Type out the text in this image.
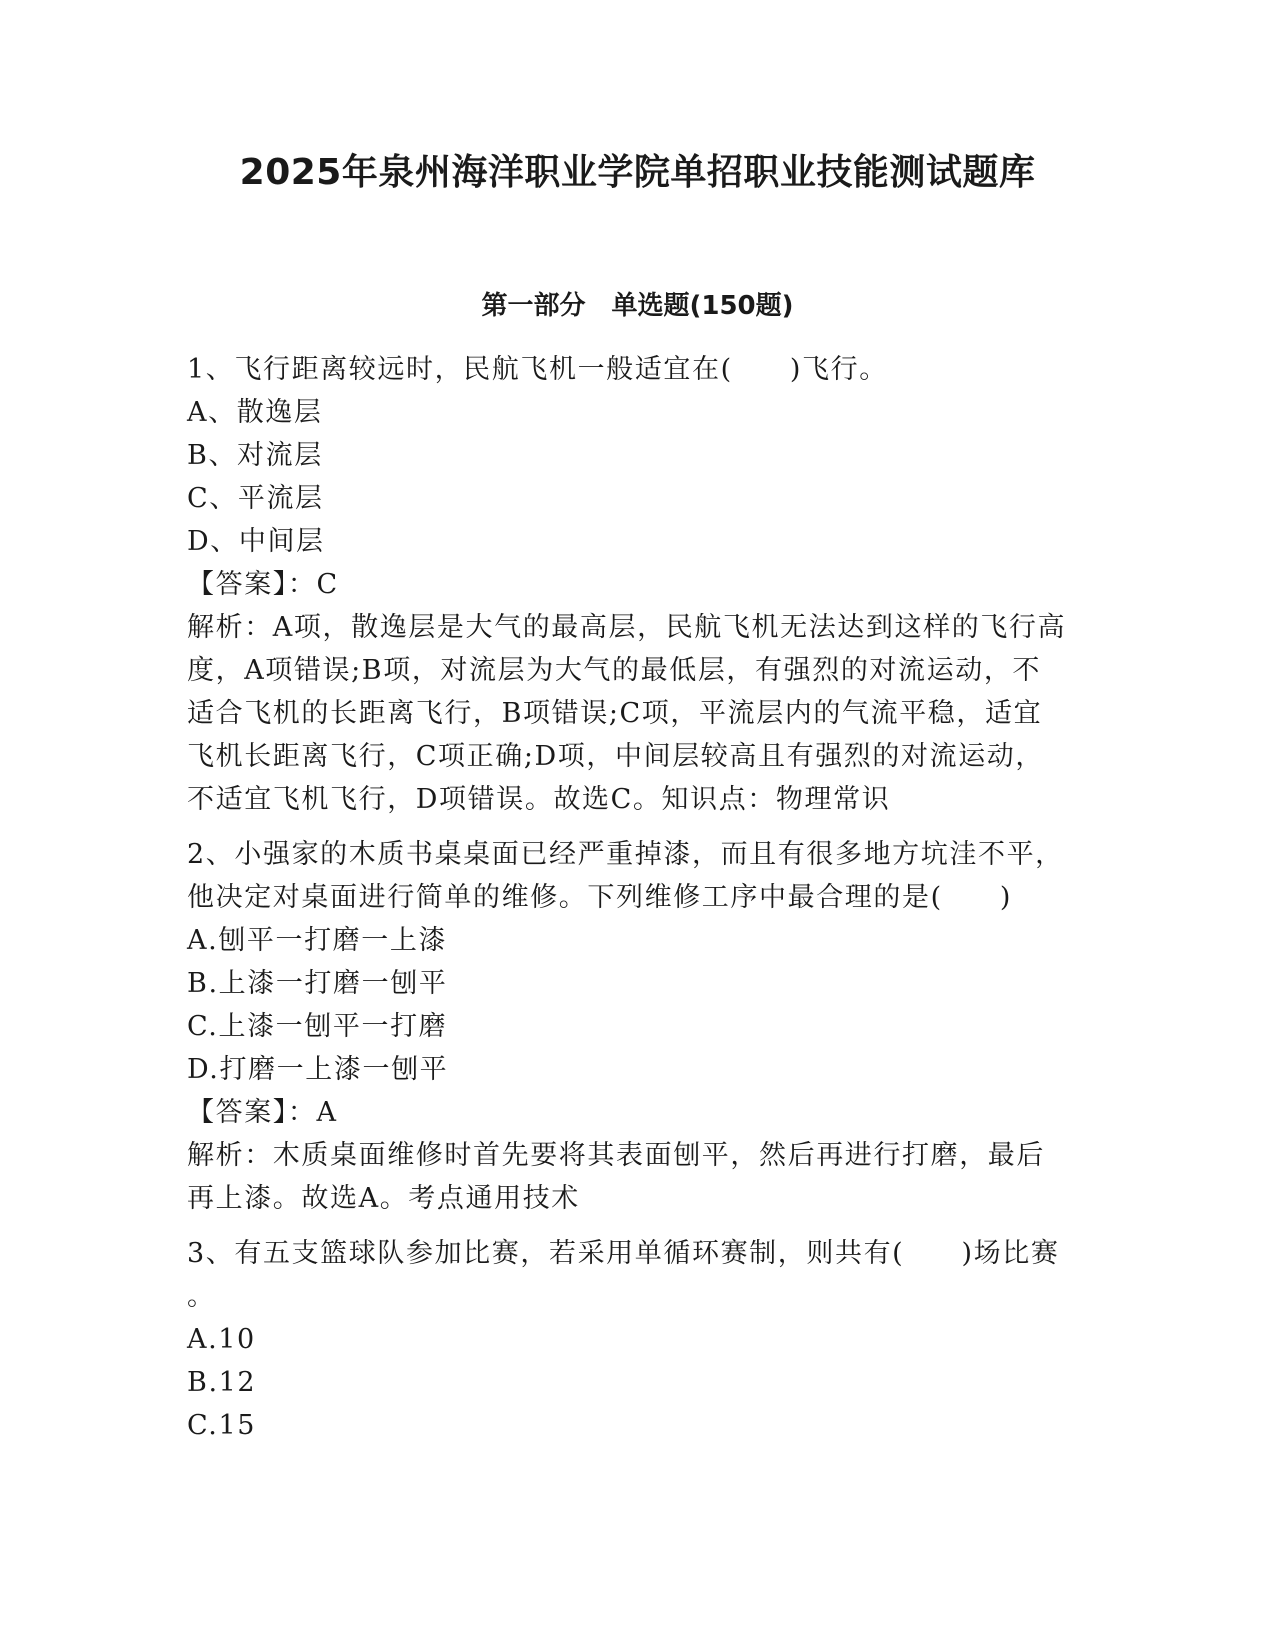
2025年泉州海洋职业学院单招职业技能测试题库
第一部分　单选题(150题)
1、飞行距离较远时，民航飞机一般适宜在(　　)飞行。
A、散逸层
B、对流层
C、平流层
D、中间层
【答案】：C
解析：A项，散逸层是大气的最高层，民航飞机无法达到这样的飞行高
度，A项错误;B项，对流层为大气的最低层，有强烈的对流运动，不
适合飞机的长距离飞行，B项错误;C项，平流层内的气流平稳，适宜
飞机长距离飞行，C项正确;D项，中间层较高且有强烈的对流运动，
不适宜飞机飞行，D项错误。故选C。知识点：物理常识
2、小强家的木质书桌桌面已经严重掉漆，而且有很多地方坑洼不平，
他决定对桌面进行简单的维修。下列维修工序中最合理的是(　　)
A.刨平一打磨一上漆
B.上漆一打磨一刨平
C.上漆一刨平一打磨
D.打磨一上漆一刨平
【答案】：A
解析：木质桌面维修时首先要将其表面刨平，然后再进行打磨，最后
再上漆。故选A。考点通用技术
3、有五支篮球队参加比赛，若采用单循环赛制，则共有(　　)场比赛
。
A.10
B.12
C.15
